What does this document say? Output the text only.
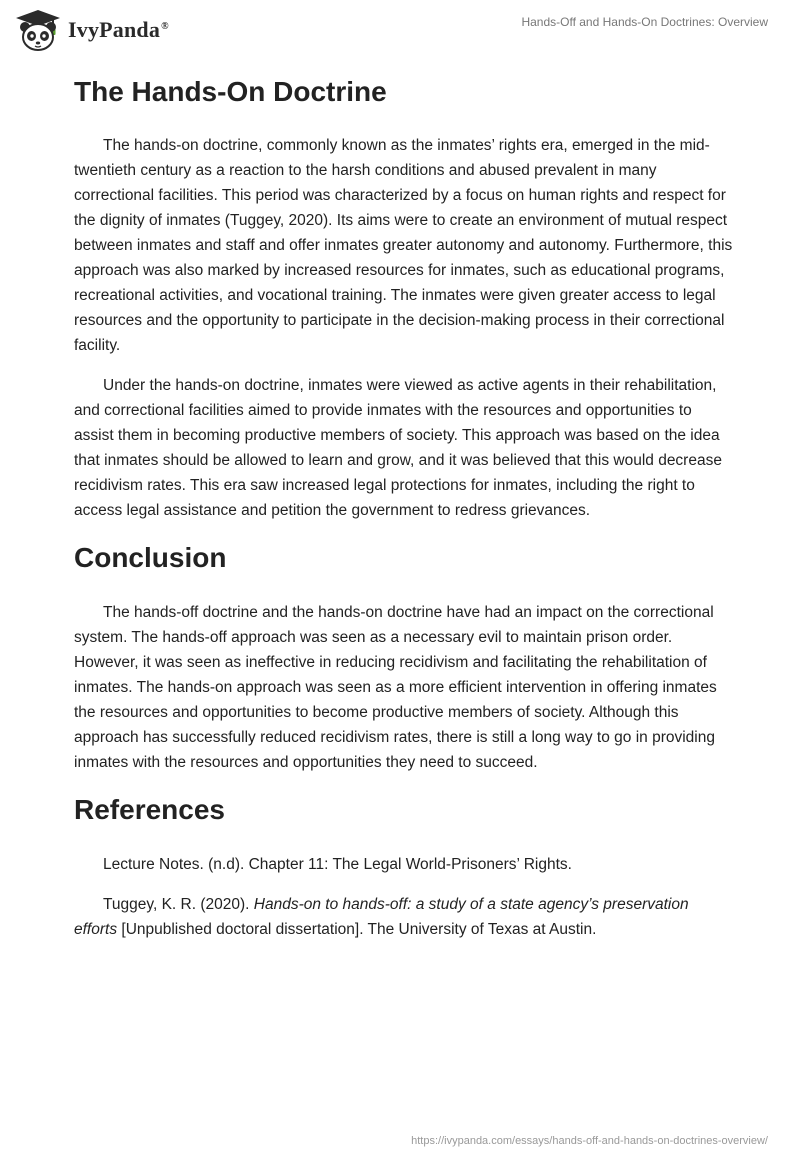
IvyPanda®	Hands-Off and Hands-On Doctrines: Overview
The Hands-On Doctrine

The hands-on doctrine, commonly known as the inmates’ rights era, emerged in the mid-twentieth century as a reaction to the harsh conditions and abused prevalent in many correctional facilities. This period was characterized by a focus on human rights and respect for the dignity of inmates (Tuggey, 2020). Its aims were to create an environment of mutual respect between inmates and staff and offer inmates greater autonomy and autonomy. Furthermore, this approach was also marked by increased resources for inmates, such as educational programs, recreational activities, and vocational training. The inmates were given greater access to legal resources and the opportunity to participate in the decision-making process in their correctional facility.

Under the hands-on doctrine, inmates were viewed as active agents in their rehabilitation, and correctional facilities aimed to provide inmates with the resources and opportunities to assist them in becoming productive members of society. This approach was based on the idea that inmates should be allowed to learn and grow, and it was believed that this would decrease recidivism rates. This era saw increased legal protections for inmates, including the right to access legal assistance and petition the government to redress grievances.

Conclusion

The hands-off doctrine and the hands-on doctrine have had an impact on the correctional system. The hands-off approach was seen as a necessary evil to maintain prison order. However, it was seen as ineffective in reducing recidivism and facilitating the rehabilitation of inmates. The hands-on approach was seen as a more efficient intervention in offering inmates the resources and opportunities to become productive members of society. Although this approach has successfully reduced recidivism rates, there is still a long way to go in providing inmates with the resources and opportunities they need to succeed.

References

Lecture Notes. (n.d). Chapter 11: The Legal World-Prisoners’ Rights.

Tuggey, K. R. (2020). Hands-on to hands-off: a study of a state agency’s preservation efforts [Unpublished doctoral dissertation]. The University of Texas at Austin.

https://ivypanda.com/essays/hands-off-and-hands-on-doctrines-overview/
